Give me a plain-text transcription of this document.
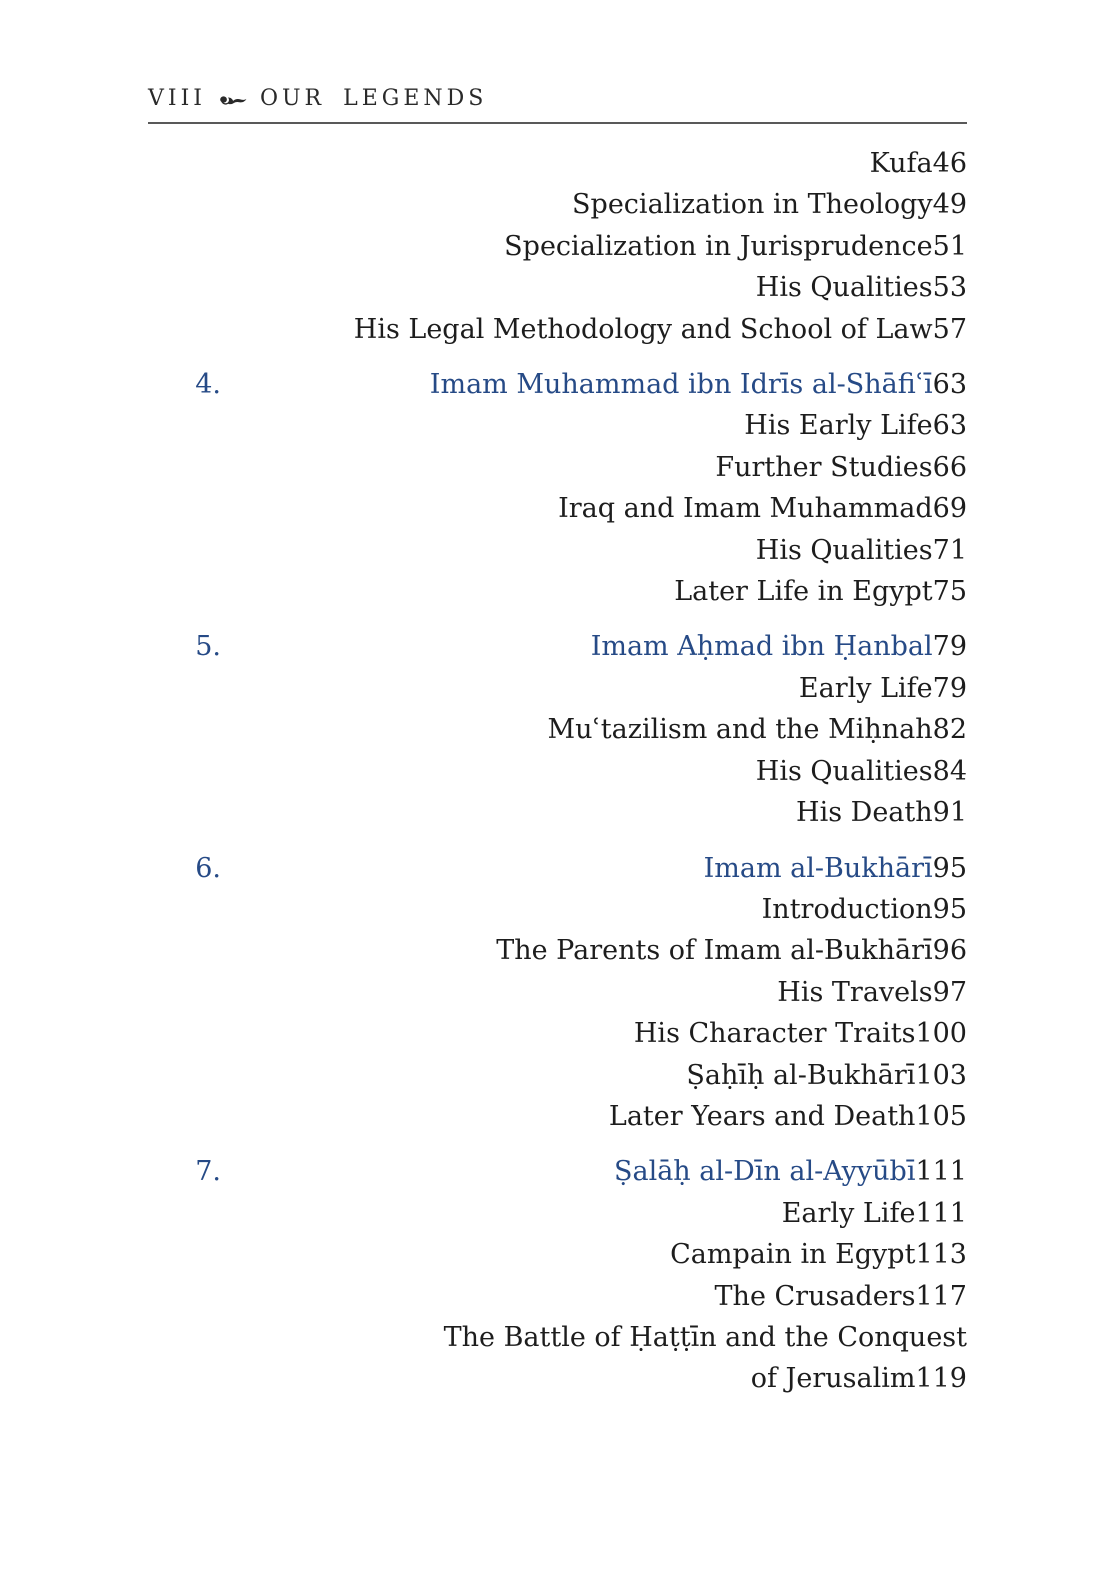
VIII OUR LEGENDS
Kufa 46
Specialization in Theology 49
Specialization in Jurisprudence 51
His Qualities 53
His Legal Methodology and School of Law 57
4.	Imam Muhammad ibn Idrīs al-Shāfiʿī 63
His Early Life 63
Further Studies 66
Iraq and Imam Muhammad 69
His Qualities 71
Later Life in Egypt 75
5.	Imam Aḥmad ibn Ḥanbal 79
Early Life 79
Muʿtazilism and the Miḥnah 82
His Qualities 84
His Death 91
6.	Imam al-Bukhārī 95
Introduction 95
The Parents of Imam al-Bukhārī 96
His Travels 97
His Character Traits 100
Ṣaḥīḥ al-Bukhārī 103
Later Years and Death 105
7.	Ṣalāḥ al-Dīn al-Ayyūbī 111
Early Life 111
Campain in Egypt 113
The Crusaders 117
The Battle of Ḥaṭṭīn and the Conquest
of Jerusalim 119
